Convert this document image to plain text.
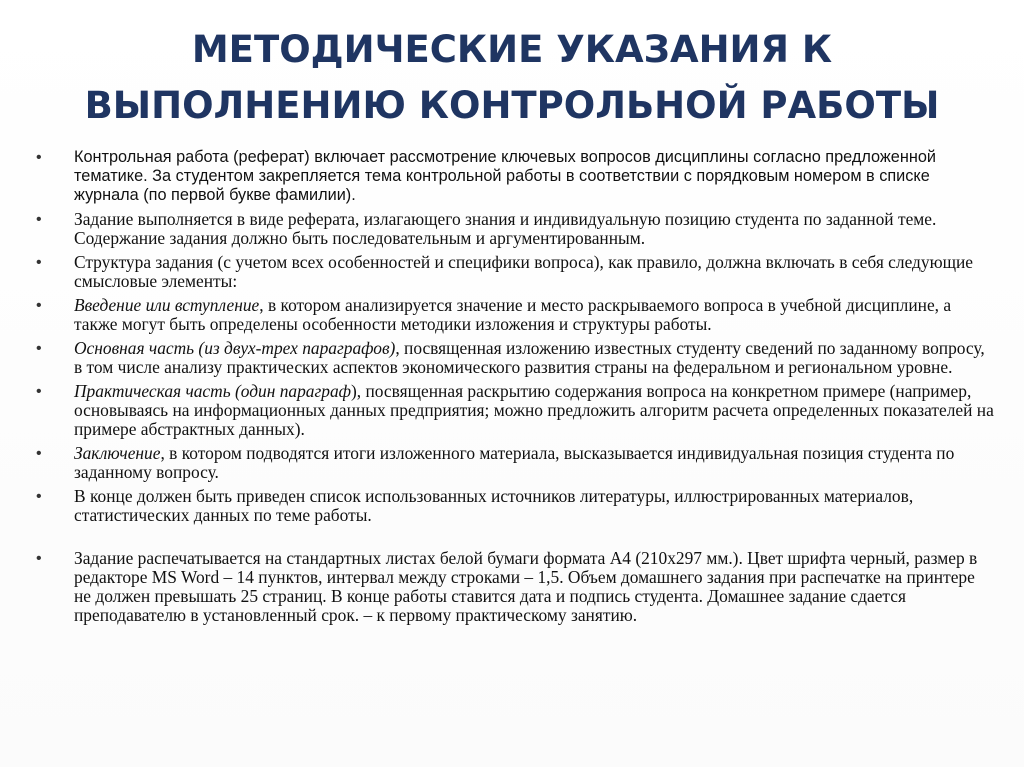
МЕТОДИЧЕСКИЕ УКАЗАНИЯ К
ВЫПОЛНЕНИЮ КОНТРОЛЬНОЙ РАБОТЫ
• Контрольная работа (реферат) включает рассмотрение ключевых вопросов дисциплины согласно предложенной тематике. За студентом закрепляется тема контрольной работы в соответствии с порядковым номером в списке журнала (по первой букве фамилии).
• Задание выполняется в виде реферата, излагающего знания и индивидуальную позицию студента по заданной теме. Содержание задания должно быть последовательным и аргументированным.
• Структура задания (с учетом всех особенностей и специфики вопроса), как правило, должна включать в себя следующие смысловые элементы:
• Введение или вступление, в котором анализируется значение и место раскрываемого вопроса в учебной дисциплине, а также могут быть определены особенности методики изложения и структуры работы.
• Основная часть (из двух-трех параграфов), посвященная изложению известных студенту сведений по заданному вопросу, в том числе анализу практических аспектов экономического развития страны на федеральном и региональном уровне.
• Практическая часть (один параграф), посвященная раскрытию содержания вопроса на конкретном примере (например, основываясь на информационных данных предприятия; можно предложить алгоритм расчета определенных показателей на примере абстрактных данных).
• Заключение, в котором подводятся итоги изложенного материала, высказывается индивидуальная позиция студента по заданному вопросу.
• В конце должен быть приведен список использованных источников литературы, иллюстрированных материалов, статистических данных по теме работы.
• Задание распечатывается на стандартных листах белой бумаги формата А4 (210х297 мм.). Цвет шрифта черный, размер в редакторе MS Word – 14 пунктов, интервал между строками – 1,5. Объем домашнего задания при распечатке на принтере не должен превышать 25 страниц. В конце работы ставится дата и подпись студента. Домашнее задание сдается преподавателю в установленный срок. – к первому практическому занятию.
